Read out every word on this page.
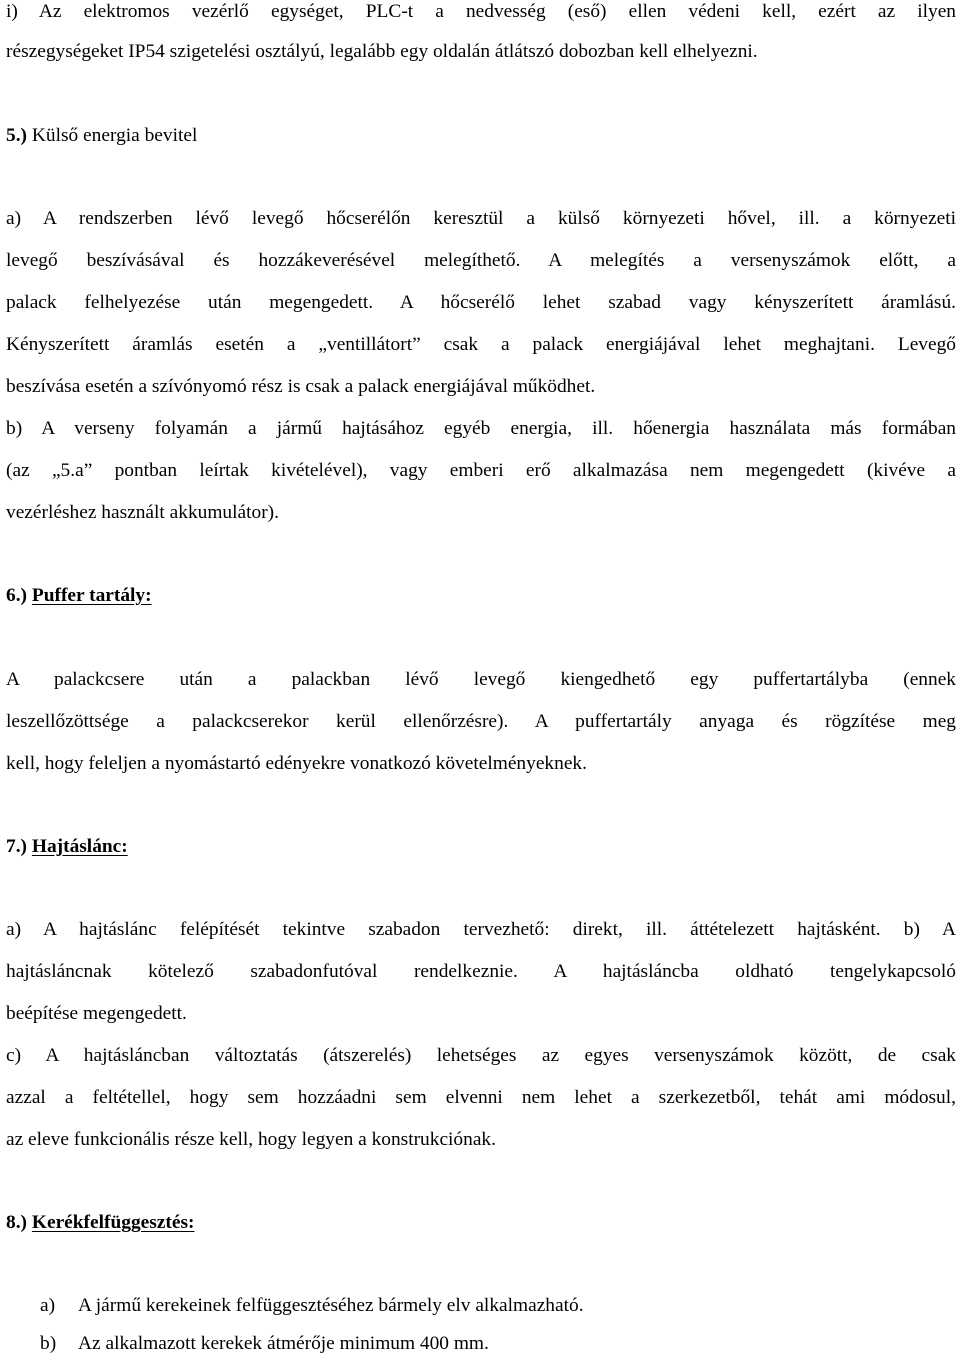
i) Az elektromos vezérlő egységet, PLC-t a nedvesség (eső) ellen védeni kell, ezért az ilyen
részegységeket IP54 szigetelési osztályú, legalább egy oldalán átlátszó dobozban kell elhelyezni.
5.) Külső energia bevitel
a) A rendszerben lévő levegő hőcserélőn keresztül a külső környezeti hővel, ill. a környezeti
levegő beszívásával és hozzákeverésével melegíthető. A melegítés a versenyszámok előtt, a
palack felhelyezése után megengedett. A hőcserélő lehet szabad vagy kényszerített áramlású.
Kényszerített áramlás esetén a „ventillátort” csak a palack energiájával lehet meghajtani. Levegő
beszívása esetén a szívónyomó rész is csak a palack energiájával működhet.
b) A verseny folyamán a jármű hajtásához egyéb energia, ill. hőenergia használata más formában
(az „5.a” pontban leírtak kivételével), vagy emberi erő alkalmazása nem megengedett (kivéve a
vezérléshez használt akkumulátor).
6.) Puffer tartály:
A palackcsere után a palackban lévő levegő kiengedhető egy puffertartályba (ennek
leszellőzöttsége a palackcserekor kerül ellenőrzésre). A puffertartály anyaga és rögzítése meg
kell, hogy feleljen a nyomástartó edényekre vonatkozó követelményeknek.
7.) Hajtáslánc:
a) A hajtáslánc felépítését tekintve szabadon tervezhető: direkt, ill. áttételezett hajtásként. b) A
hajtásláncnak kötelező szabadonfutóval rendelkeznie. A hajtásláncba oldható tengelykapcsoló
beépítése megengedett.
c) A hajtásláncban változtatás (átszerelés) lehetséges az egyes versenyszámok között, de csak
azzal a feltétellel, hogy sem hozzáadni sem elvenni nem lehet a szerkezetből, tehát ami módosul,
az eleve funkcionális része kell, hogy legyen a konstrukciónak.
8.) Kerékfelfüggesztés:
a) A jármű kerekeinek felfüggesztéséhez bármely elv alkalmazható.
b) Az alkalmazott kerekek átmérője minimum 400 mm.
